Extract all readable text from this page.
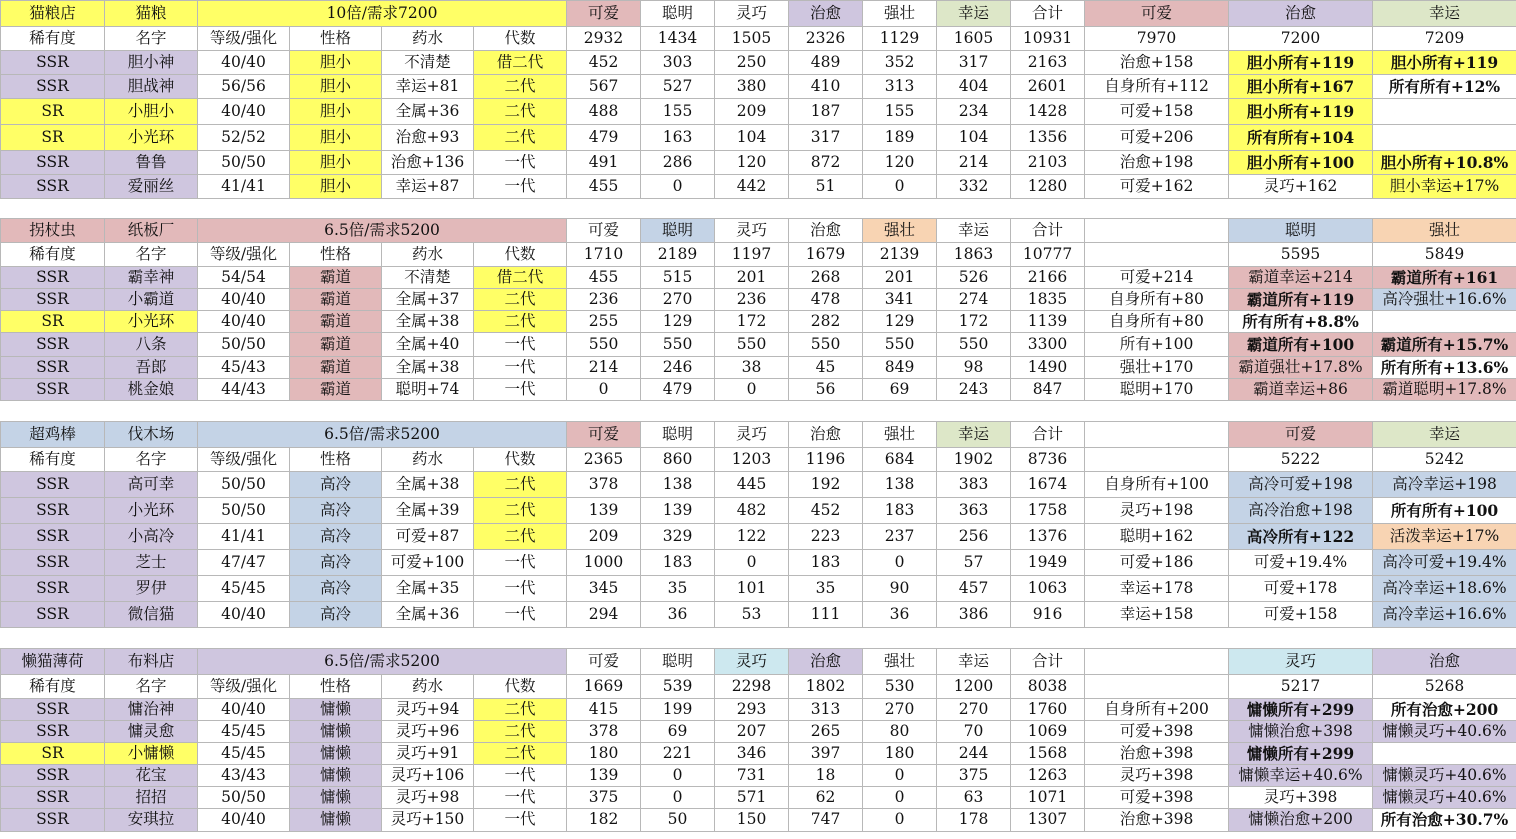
猫粮店	猫粮	10倍/需求7200				可爱	聪明	灵巧	治愈	强壮	幸运	合计	可爱	治愈	幸运
稀有度	名字	等级/强化	性格	药水	代数	2932	1434	1505	2326	1129	1605	10931	7970	7200	7209
SSR	胆小神	40/40	胆小	不清楚	借二代	452	303	250	489	352	317	2163	治愈+158	胆小所有+119	胆小所有+119
SSR	胆战神	56/56	胆小	幸运+81	二代	567	527	380	410	313	404	2601	自身所有+112	胆小所有+167	所有所有+12%
SR	小胆小	40/40	胆小	全属+36	二代	488	155	209	187	155	234	1428	可爱+158	胆小所有+119	
SR	小光环	52/52	胆小	治愈+93	二代	479	163	104	317	189	104	1356	可爱+206	所有所有+104	
SSR	鲁鲁	50/50	胆小	治愈+136	一代	491	286	120	872	120	214	2103	治愈+198	胆小所有+100	胆小所有+10.8%
SSR	爱丽丝	41/41	胆小	幸运+87	一代	455	0	442	51	0	332	1280	可爱+162	灵巧+162	胆小幸运+17%

拐杖虫	纸板厂	6.5倍/需求5200				可爱	聪明	灵巧	治愈	强壮	幸运	合计		聪明	强壮
稀有度	名字	等级/强化	性格	药水	代数	1710	2189	1197	1679	2139	1863	10777		5595	5849
SSR	霸幸神	54/54	霸道	不清楚	借二代	455	515	201	268	201	526	2166	可爱+214	霸道幸运+214	霸道所有+161
SSR	小霸道	40/40	霸道	全属+37	二代	236	270	236	478	341	274	1835	自身所有+80	霸道所有+119	高冷强壮+16.6%
SR	小光环	40/40	霸道	全属+38	二代	255	129	172	282	129	172	1139	自身所有+80	所有所有+8.8%	
SSR	八条	50/50	霸道	全属+40	一代	550	550	550	550	550	550	3300	所有+100	霸道所有+100	霸道所有+15.7%
SSR	吾郎	45/43	霸道	全属+38	一代	214	246	38	45	849	98	1490	强壮+170	霸道强壮+17.8%	所有所有+13.6%
SSR	桃金娘	44/43	霸道	聪明+74	一代	0	479	0	56	69	243	847	聪明+170	霸道幸运+86	霸道聪明+17.8%

超鸡棒	伐木场	6.5倍/需求5200				可爱	聪明	灵巧	治愈	强壮	幸运	合计		可爱	幸运
稀有度	名字	等级/强化	性格	药水	代数	2365	860	1203	1196	684	1902	8736		5222	5242
SSR	高可幸	50/50	高冷	全属+38	二代	378	138	445	192	138	383	1674	自身所有+100	高冷可爱+198	高冷幸运+198
SSR	小光环	50/50	高冷	全属+39	二代	139	139	482	452	183	363	1758	灵巧+198	高冷治愈+198	所有所有+100
SSR	小高冷	41/41	高冷	可爱+87	二代	209	329	122	223	237	256	1376	聪明+162	高冷所有+122	活泼幸运+17%
SSR	芝士	47/47	高冷	可爱+100	一代	1000	183	0	183	0	57	1949	可爱+186	可爱+19.4%	高冷可爱+19.4%
SSR	罗伊	45/45	高冷	全属+35	一代	345	35	101	35	90	457	1063	幸运+178	可爱+178	高冷幸运+18.6%
SSR	微信猫	40/40	高冷	全属+36	一代	294	36	53	111	36	386	916	幸运+158	可爱+158	高冷幸运+16.6%

懒猫薄荷	布料店	6.5倍/需求5200				可爱	聪明	灵巧	治愈	强壮	幸运	合计		灵巧	治愈
稀有度	名字	等级/强化	性格	药水	代数	1669	539	2298	1802	530	1200	8038		5217	5268
SSR	慵治神	40/40	慵懒	灵巧+94	二代	415	199	293	313	270	270	1760	自身所有+200	慵懒所有+299	所有治愈+200
SSR	慵灵愈	45/45	慵懒	灵巧+96	二代	378	69	207	265	80	70	1069	可爱+398	慵懒治愈+398	慵懒灵巧+40.6%
SR	小慵懒	45/45	慵懒	灵巧+91	二代	180	221	346	397	180	244	1568	治愈+398	慵懒所有+299	
SSR	花宝	43/43	慵懒	灵巧+106	一代	139	0	731	18	0	375	1263	灵巧+398	慵懒幸运+40.6%	慵懒灵巧+40.6%
SSR	招招	50/50	慵懒	灵巧+98	一代	375	0	571	62	0	63	1071	可爱+398	灵巧+398	慵懒灵巧+40.6%
SSR	安琪拉	40/40	慵懒	灵巧+150	一代	182	50	150	747	0	178	1307	治愈+398	慵懒治愈+200	所有治愈+30.7%
